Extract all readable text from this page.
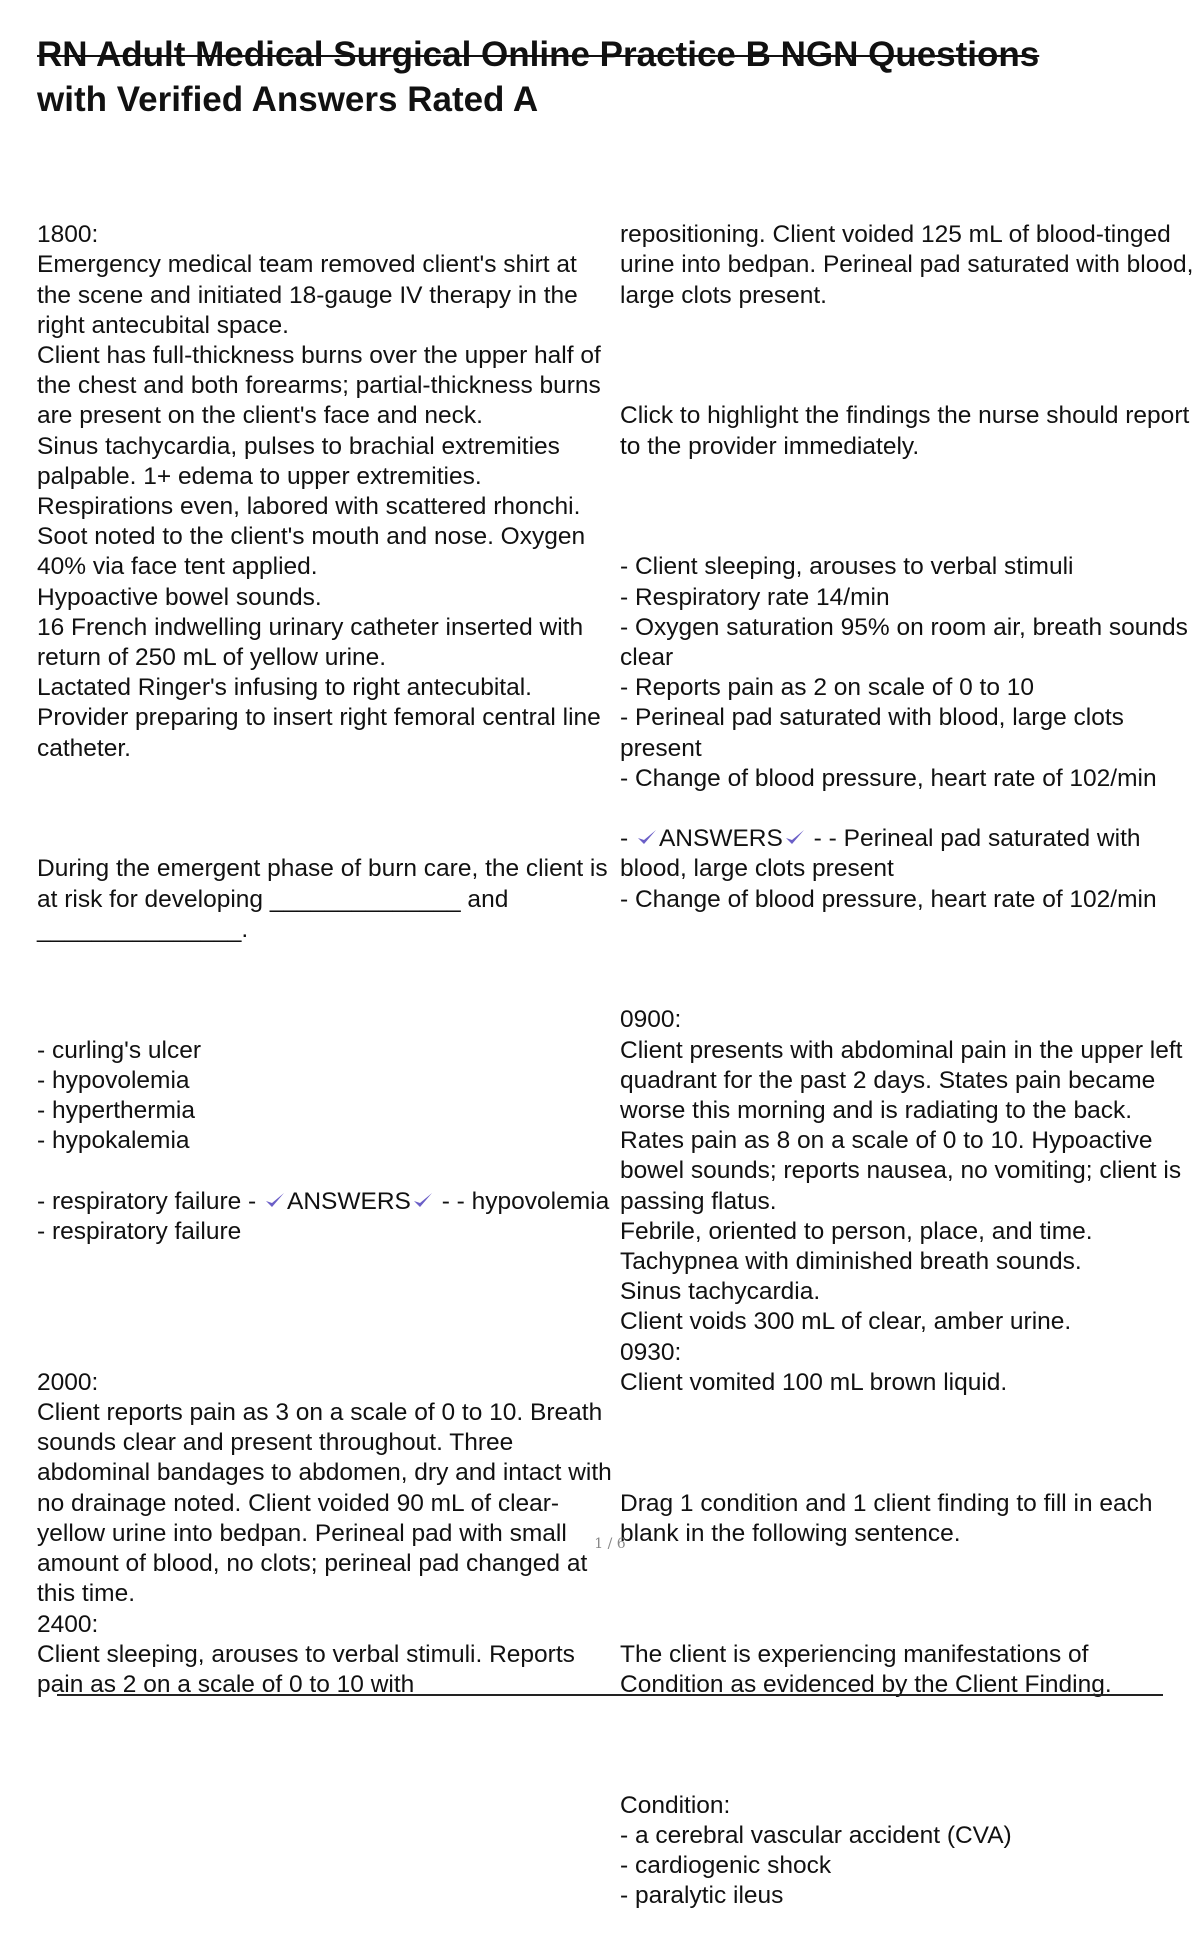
RN Adult Medical Surgical Online Practice B NGN Questions
with Verified Answers Rated A

1800:
Emergency medical team removed client's shirt at the scene and initiated 18-gauge IV therapy in the right antecubital space.
Client has full-thickness burns over the upper half of the chest and both forearms; partial-thickness burns are present on the client's face and neck.
Sinus tachycardia, pulses to brachial extremities palpable. 1+ edema to upper extremities.
Respirations even, labored with scattered rhonchi. Soot noted to the client's mouth and nose. Oxygen 40% via face tent applied.
Hypoactive bowel sounds.
16 French indwelling urinary catheter inserted with return of 250 mL of yellow urine.
Lactated Ringer's infusing to right antecubital.
Provider preparing to insert right femoral central line catheter.

During the emergent phase of burn care, the client is at risk for developing ______________ and _______________.

- curling's ulcer
- hypovolemia
- hyperthermia
- hypokalemia

- respiratory failure - ANSWERS - - hypovolemia
- respiratory failure

2000:
Client reports pain as 3 on a scale of 0 to 10. Breath sounds clear and present throughout. Three abdominal bandages to abdomen, dry and intact with no drainage noted. Client voided 90 mL of clear-yellow urine into bedpan. Perineal pad with small amount of blood, no clots; perineal pad changed at this time.
2400:
Client sleeping, arouses to verbal stimuli. Reports pain as 2 on a scale of 0 to 10 with

repositioning. Client voided 125 mL of blood-tinged urine into bedpan. Perineal pad saturated with blood, large clots present.

Click to highlight the findings the nurse should report to the provider immediately.

- Client sleeping, arouses to verbal stimuli
- Respiratory rate 14/min
- Oxygen saturation 95% on room air, breath sounds clear
- Reports pain as 2 on scale of 0 to 10
- Perineal pad saturated with blood, large clots present
- Change of blood pressure, heart rate of 102/min

- ANSWERS - - Perineal pad saturated with blood, large clots present
- Change of blood pressure, heart rate of 102/min

0900:
Client presents with abdominal pain in the upper left quadrant for the past 2 days. States pain became worse this morning and is radiating to the back. Rates pain as 8 on a scale of 0 to 10. Hypoactive bowel sounds; reports nausea, no vomiting; client is passing flatus.
Febrile, oriented to person, place, and time.
Tachypnea with diminished breath sounds.
Sinus tachycardia.
Client voids 300 mL of clear, amber urine.
0930:
Client vomited 100 mL brown liquid.

Drag 1 condition and 1 client finding to fill in each blank in the following sentence.

The client is experiencing manifestations of Condition as evidenced by the Client Finding.

Condition:
- a cerebral vascular accident (CVA)
- cardiogenic shock
- paralytic ileus

1 / 6
